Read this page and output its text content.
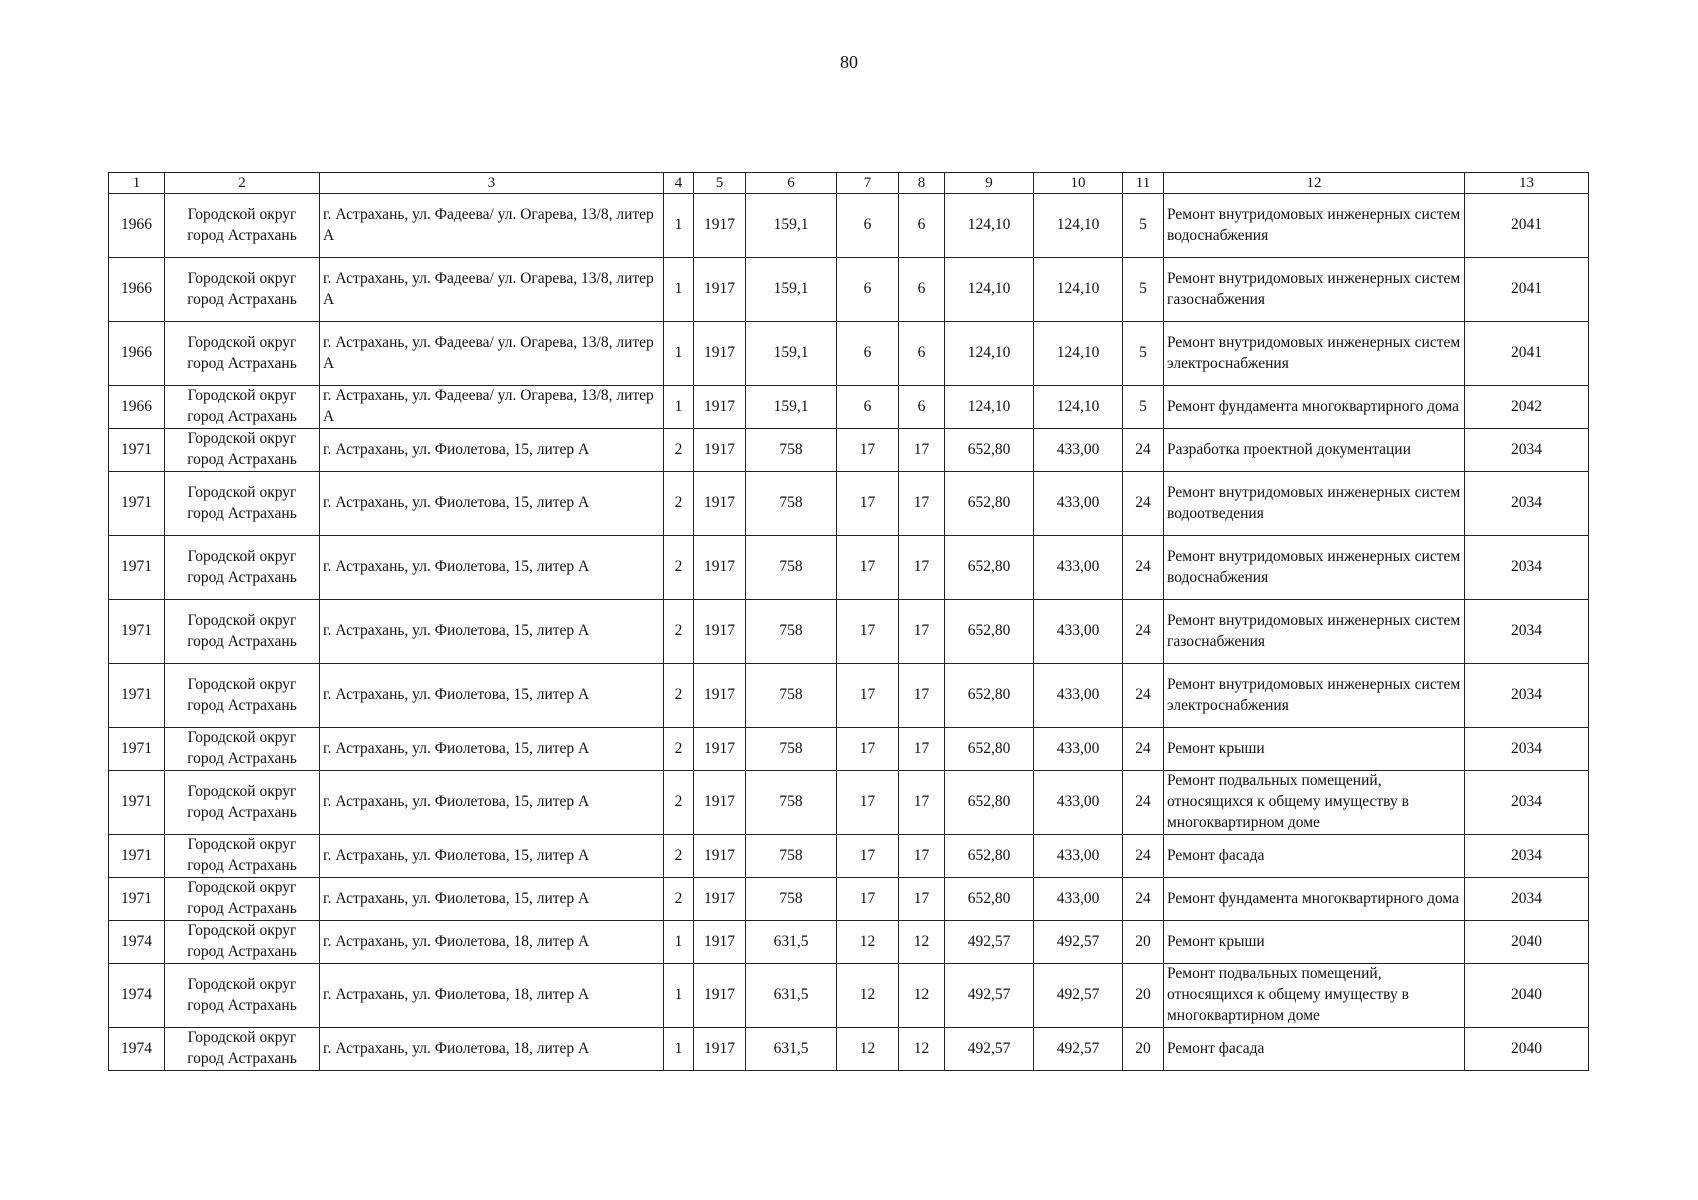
80
1	2	3	4	5	6	7	8	9	10	11	12	13
1966	Городской округ город Астрахань	г. Астрахань, ул. Фадеева/ ул. Огарева, 13/8, литер А	1	1917	159,1	6	6	124,10	124,10	5	Ремонт внутридомовых инженерных систем водоснабжения	2041
1966	Городской округ город Астрахань	г. Астрахань, ул. Фадеева/ ул. Огарева, 13/8, литер А	1	1917	159,1	6	6	124,10	124,10	5	Ремонт внутридомовых инженерных систем газоснабжения	2041
1966	Городской округ город Астрахань	г. Астрахань, ул. Фадеева/ ул. Огарева, 13/8, литер А	1	1917	159,1	6	6	124,10	124,10	5	Ремонт внутридомовых инженерных систем электроснабжения	2041
1966	Городской округ город Астрахань	г. Астрахань, ул. Фадеева/ ул. Огарева, 13/8, литер А	1	1917	159,1	6	6	124,10	124,10	5	Ремонт фундамента многоквартирного дома	2042
1971	Городской округ город Астрахань	г. Астрахань, ул. Фиолетова, 15, литер А	2	1917	758	17	17	652,80	433,00	24	Разработка проектной документации	2034
1971	Городской округ город Астрахань	г. Астрахань, ул. Фиолетова, 15, литер А	2	1917	758	17	17	652,80	433,00	24	Ремонт внутридомовых инженерных систем водоотведения	2034
1971	Городской округ город Астрахань	г. Астрахань, ул. Фиолетова, 15, литер А	2	1917	758	17	17	652,80	433,00	24	Ремонт внутридомовых инженерных систем водоснабжения	2034
1971	Городской округ город Астрахань	г. Астрахань, ул. Фиолетова, 15, литер А	2	1917	758	17	17	652,80	433,00	24	Ремонт внутридомовых инженерных систем газоснабжения	2034
1971	Городской округ город Астрахань	г. Астрахань, ул. Фиолетова, 15, литер А	2	1917	758	17	17	652,80	433,00	24	Ремонт внутридомовых инженерных систем электроснабжения	2034
1971	Городской округ город Астрахань	г. Астрахань, ул. Фиолетова, 15, литер А	2	1917	758	17	17	652,80	433,00	24	Ремонт крыши	2034
1971	Городской округ город Астрахань	г. Астрахань, ул. Фиолетова, 15, литер А	2	1917	758	17	17	652,80	433,00	24	Ремонт подвальных помещений, относящихся к общему имуществу в многоквартирном доме	2034
1971	Городской округ город Астрахань	г. Астрахань, ул. Фиолетова, 15, литер А	2	1917	758	17	17	652,80	433,00	24	Ремонт фасада	2034
1971	Городской округ город Астрахань	г. Астрахань, ул. Фиолетова, 15, литер А	2	1917	758	17	17	652,80	433,00	24	Ремонт фундамента многоквартирного дома	2034
1974	Городской округ город Астрахань	г. Астрахань, ул. Фиолетова, 18, литер А	1	1917	631,5	12	12	492,57	492,57	20	Ремонт крыши	2040
1974	Городской округ город Астрахань	г. Астрахань, ул. Фиолетова, 18, литер А	1	1917	631,5	12	12	492,57	492,57	20	Ремонт подвальных помещений, относящихся к общему имуществу в многоквартирном доме	2040
1974	Городской округ город Астрахань	г. Астрахань, ул. Фиолетова, 18, литер А	1	1917	631,5	12	12	492,57	492,57	20	Ремонт фасада	2040
